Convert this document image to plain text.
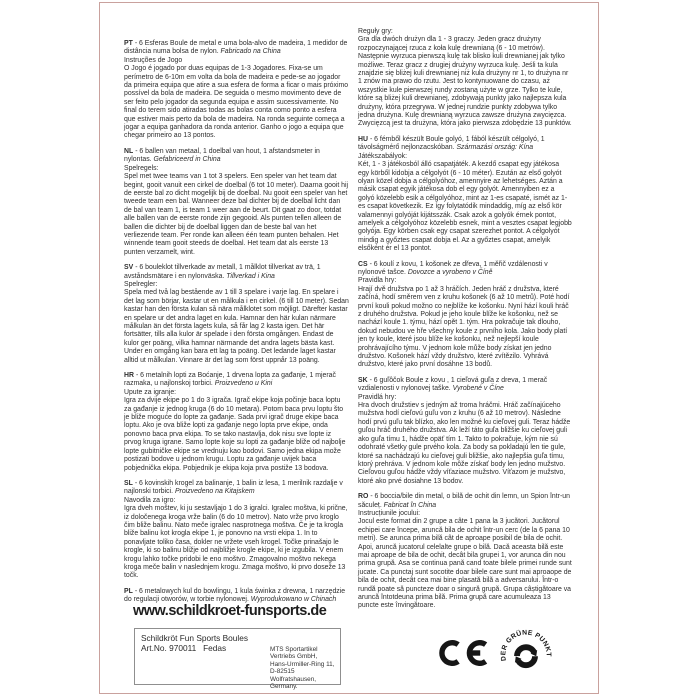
PT - 6 Esferas Boule de metal e uma bola-alvo de madeira, 1 medidor de distância numa bolsa de nylon. Fabricado na China
Instruções de Jogo
O Jogo é jogado por duas equipas de 1-3 Jogadores. Fixa-se um perímetro de 6-10m em volta da bola de madeira e pede-se ao jogador da primeira equipa que atire a sua esfera de forma a ficar o mais próximo possível da bola de madeira. De seguida o mesmo movimento deve de ser feito pelo jogador da segunda equipa e assim sucessivamente. No final do terem sido atiradas todas as bolas conta como ponto a esfera que estiver mais perto da bola de madeira. Na ronda seguinte começa a jogar a equipa ganhadora da ronda anterior. Ganho o jogo a equipa que chegar primeiro ao 13 pontos.
NL - 6 ballen van metaal, 1 doelbal van hout, 1 afstandsmeter in nylontas. Gefabriceerd in China
Spelregels:
Spel met twee teams van 1 tot 3 spelers. Een speler van het team dat begint, gooit vanuit een cirkel de doelbal (6 tot 10 meter). Daarna gooit hij de eerste bal zo dicht mogelijk bij de doelbal. Nu gooit een speler van het tweede team een bal. Wanneer deze bal dichter bij de doelbal licht dan de bal van team 1, is team 1 weer aan de beurt. Dit gaat zo door, totdat alle ballen van de eerste ronde zijn gegooid. Als punten tellen alleen de ballen die dichter bij de doelbal liggen dan de beste bal van het verliezende team. Per ronde kan alleen één team punten behalen. Het winnende team gooit steeds de doelbal. Het team dat als eerste 13 punten verzamelt, wint.
SV - 6 bouleklot tillverkade av metall, 1 målklot tillverkat av trä, 1 avståndsmätare i en nylonväska. Tillverkad i Kina
Spelregler:
Spela med två lag bestående av 1 till 3 spelare i varje lag. En spelare i det lag som börjar, kastar ut en målkula i en cirkel. (6 till 10 meter). Sedan kastar han den första kulan så nära målklotet som möjligt. Därefter kastar en spelare ur det andra laget en kula. Hamnar den här kulan närmare målkulan än det första lagets kula, så får lag 2 kasta igen. Det här fortsätter, tills alla kulor är spelade i den första omgången. Endast de kulor ger poäng, vilka hamnar närmande det andra lagets bästa kast. Under en omgång kan bara ett lag ta poäng. Det ledande laget kastar alltid ut målkulan. Vinnare är det lag som först uppnår 13 poäng.
HR - 6 metalnih lopti za Boćanje, 1 drvena lopta za gađanje, 1 mjerač razmaka, u najlonskoj torbici. Proizvedeno u Kini
Upute za igranje:
Igra za dvije ekipe po 1 do 3 igrača. Igrač ekipe koja počinje baca loptu za gađanje iz jednog kruga (6 do 10 metara). Potom baca prvu loptu što je bliže moguće do lopte za gađanje. Sada prvi igrač druge ekipe baca loptu. Ako je ova bliže lopti za gađanje nego lopta prve ekipe, onda ponovno baca prva ekipa. To se tako nastavlja, dok nisu sve lopte iz prvog kruga igrane. Samo lopte koje su lopti za gađanje bliže od najbolje lopte gubitničke ekipe se vrednuju kao bodovi. Samo jedna ekipa može postizati bodove u jednom krugu. Loptu za gađanje uvijek baca pobjednička ekipa. Pobjednik je ekipa koja prva postiže 13 bodova.
SL - 6 kovinskih krogel za balinanje, 1 balin iz lesa, 1 merilnik razdalje v najlonski torbici. Proizvedeno na Kitajskem
Navodila za igro:
Igra dveh moštev, ki ju sestavljajo 1 do 3 igralci. Igralec moštva, ki prične, iz določenega kroga vrže balin (6 do 10 metrov). Nato vrže prvo kroglo čim bliže balinu. Nato meče igralec nasprotnega moštva. Če je ta krogla bliže balinu kot krogla ekipe 1, je ponovno na vrsti ekipa 1. In to ponavljate toliko časa, dokler ne vržete vseh krogel. Točke prinašajo le krogle, ki so balinu bližje od najbližje krogle ekipe, ki je izgubila. V enem krogu lahko točke pridobi le eno moštvo. Zmagovalno moštvo nekega kroga meče balin v naslednjem krogu. Zmaga moštvo, ki prvo doseže 13 točk.
PL - 6 metalowych kul do bowlingu, 1 kula świnka z drewna, 1 narzędzie do regulacji otworów, w torbie nylonowej. Wyprodukowano w Chinach
Reguły gry:
Gra dla dwóch drużyn dla 1 - 3 graczy. Jeden gracz drużyny rozpoczynającej rzuca z koła kulę drewnianą (6 - 10 metrów). Następnie wyrzuca pierwszą kulę tak blisko kuli drewnianej jak tylko możliwe. Teraz gracz z drugiej drużyny wyrzuca kulę. Jeśli ta kula znajdzie się bliżej kuli drewnianej niż kula drużyny nr 1, to drużyna nr 1 znów ma prawo do rzutu. Jest to kontynuowane do czasu, aż wszystkie kule pierwszej rundy zostaną użyte w grze. Tylko te kule, które są bliżej kuli drewnianej, zdobywają punkty jako najlepsza kula drużyny, która przegrywa. W jednej rundzie punkty zdobywa tylko jedna drużyna. Kulę drewnianą wyrzuca zawsze drużyna zwycięzca. Zwycięzcą jest ta drużyna, która jako pierwsza zdobędzie 13 punktów.
HU - 6 fémből készült Boule golyó, 1 fából készült célgolyó, 1 távolságmérő nejlonzacskóban. Származási ország: Kína
Játékszabályok:
Két, 1 - 3 játékosból álló csapatjáték. A kezdő csapat egy játékosa egy körből kidobja a célgolyót (6 - 10 méter). Ezután az első golyót olyan közel dobja a célgolyóhoz, amennyire az lehetséges. Aztán a másik csapat egyik játékosa dob el egy golyót. Amennyiben ez a golyó közelebb esik a célgolyóhoz, mint az 1-es csapaté, ismét az 1-es csapat következik. Ez így folytatódik mindaddig, míg az első kör valamennyi golyóját kijátsszák. Csak azok a golyók érnek pontot, amelyek a célgolyóhoz közelebb esnek, mint a vesztes csapat legjobb golyója. Egy körben csak egy csapat szerezhet pontot. A célgolyót mindig a győztes csapat dobja el. Az a győztes csapat, amelyik elsőként ér el 13 pontot.
CS - 6 koulí z kovu, 1 košonek ze dřeva, 1 měřič vzdálenosti v nylonové tašce. Dovozce a vyrobeno v Číně
Pravidla hry:
Hrají dvě družstva po 1 až 3 hráčích. Jeden hráč z družstva, které začíná, hodí směrem ven z kruhu košonek (6 až 10 metrů). Poté hodí první kouli pokud možno co nejblíže ke košonku. Nyní hází kouli hráč z druhého družstva. Pokud je jeho koule blíže ke košonku, než se nachází koule 1. týmu, hází opět 1. tým. Hra pokračuje tak dlouho, dokud nebudou ve hře všechny koule z prvního kola. Jako body platí jen ty koule, které jsou blíže ke košonku, než nejlepší koule prohrávajícího týmu. V jednom kole může body získat jen jedno družstvo. Košonek hází vždy družstvo, které zvítězilo. Vyhrává družstvo, které jako první dosáhne 13 bodů.
SK - 6 guľôčok Boule z kovu , 1 cieľová guľa z dreva, 1 merač vzdialenosti v nylonovej taške. Vyrobené v Číne
Pravidlá hry:
Hra dvoch družstiev s jedným až troma hráčmi. Hráč začínajúceho mužstva hodí cieľovú guľu von z kruhu (6 až 10 metrov). Následne hodí prvú guľu tak blízko, ako len možné ku cieľovej guli. Teraz hádže guľou hráč druhého družstva. Ak leží táto guľa bližšie ku cieľovej guli ako guľa tímu 1, hádže opäť tím 1. Takto to pokračuje, kým nie sú odohraté všetky gule prvého kola. Za body sa pokladajú len tie gule, ktoré sa nachádzajú ku cieľovej guli bližšie, ako najlepšia guľa tímu, ktorý prehráva. V jednom kole môže získať body len jedno mužstvo. Cieľovou guľou hádže vždy víťaziace mužstvo. Víťazom je mužstvo, ktoré ako prvé dosiahne 13 bodov.
RO - 6 boccia/bile din metal, o bilă de ochit din lemn, un Spion într-un săculeț. Fabricat în China
Instrucțiunile jocului:
Jocul este format din 2 grupe a câte 1 pana la 3 jucători. Jucătorul echipei care începe, aruncă bila de ochit într-un cerc (de la 6 pana 10 metri). Se arunca prima bilă cât de aproape posibil de bila de ochit. Apoi, aruncă jucatorul celelalte grupe o bilă. Dacă aceasta bilă este mai aproape de bila de ochit, decât bila grupei 1, vor arunca din nou prima grupă. Asa se continua pană cand toate bilele primei runde sunt jucate. Ca punctaj sunt socotite doar bilele care sunt mai aproaope de bila de ochit, decât cea mai bine plasată bilă a adversarului. Într-o rundă poate să puncteze doar o singură grupă. Grupa câștigătoare va aruncă întotdeuna prima bilă. Prima grupă care acumuleaza 13 puncte este învingătoare.
www.schildkroet-funsports.de
Schildkröt Fun Sports Boules
Art.No. 970011   Fedas	MTS Sportartikel
Vertriebs GmbH,
Hans-Urmiller-Ring 11,
D-82515 Wolfratshausen,
Germany.
DER GRÜNE PUNKT
